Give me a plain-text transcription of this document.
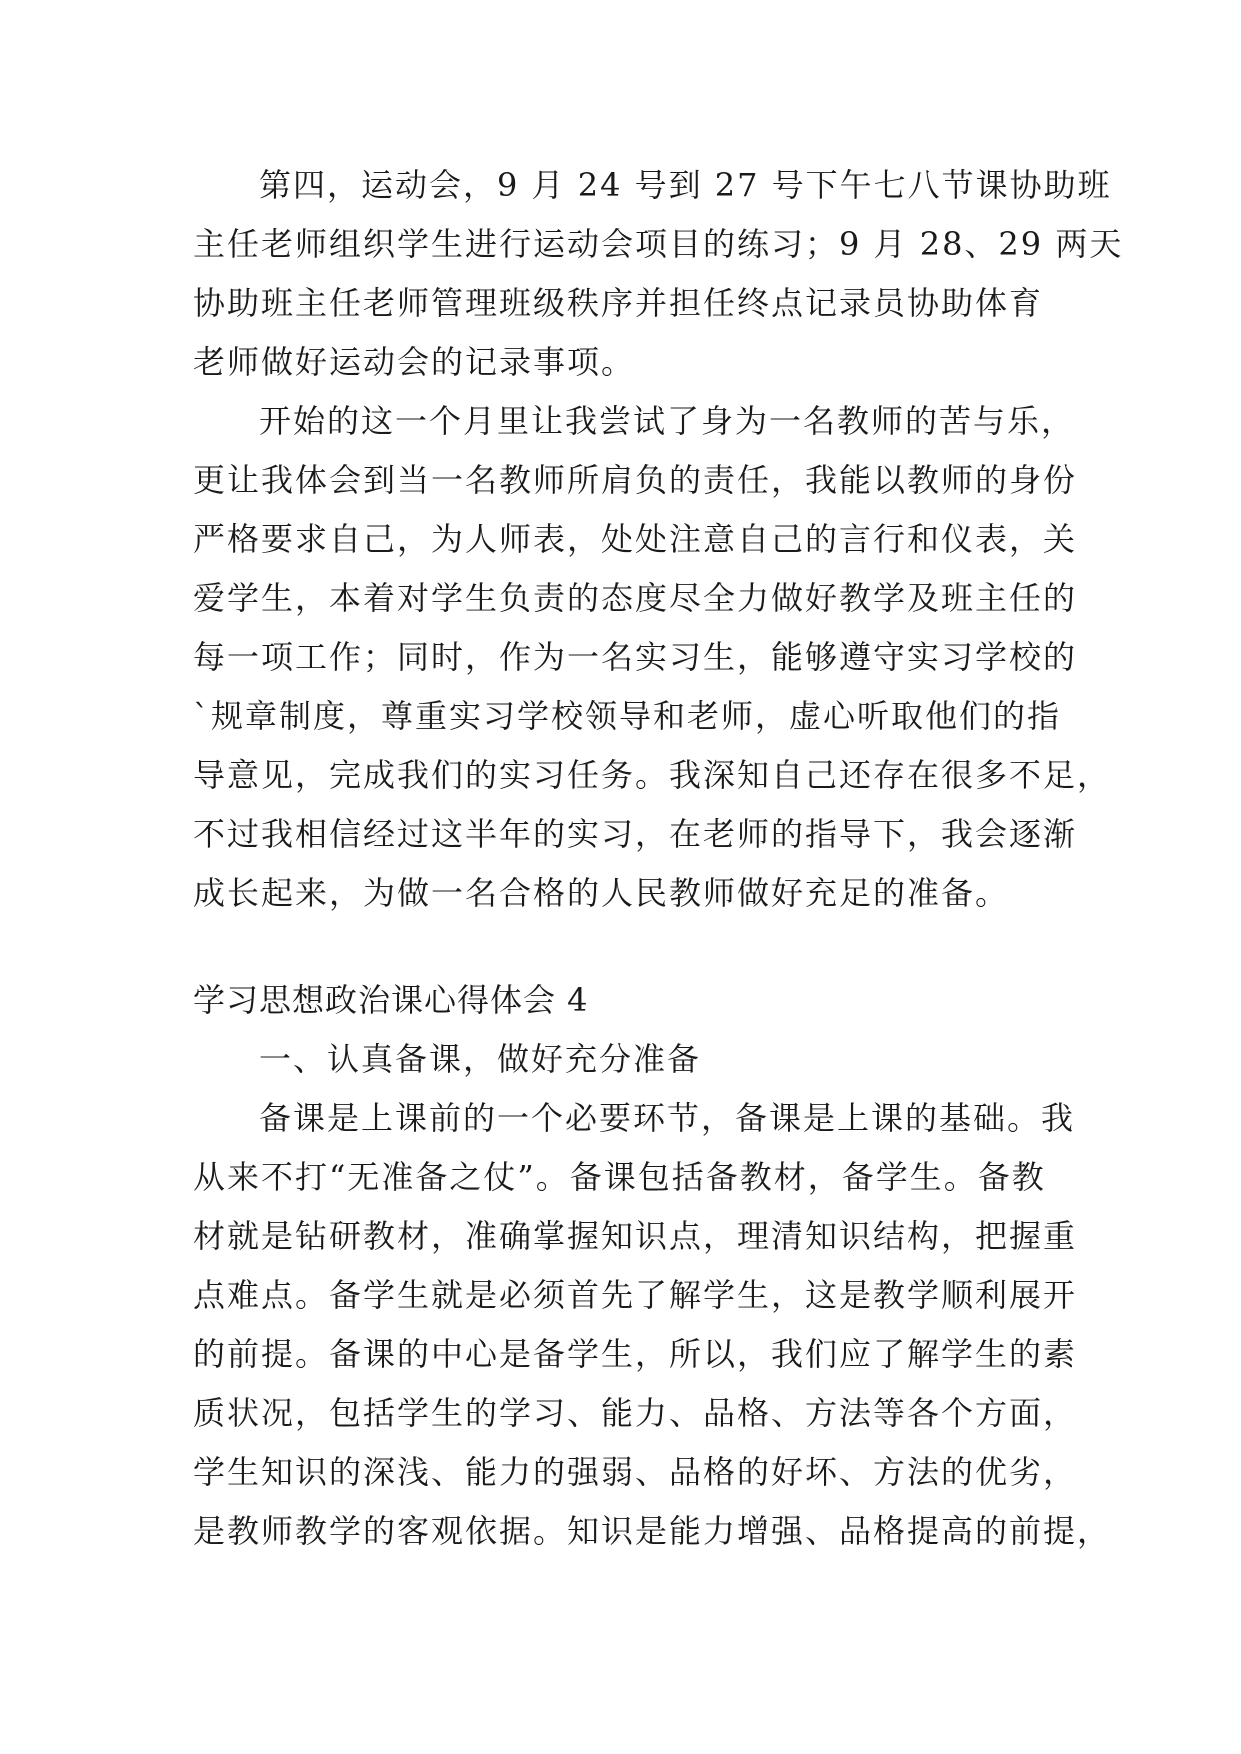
第四，运动会，9 月 24 号到 27 号下午七八节课协助班
主任老师组织学生进行运动会项目的练习；9 月 28、29 两天
协助班主任老师管理班级秩序并担任终点记录员协助体育
老师做好运动会的记录事项。
开始的这一个月里让我尝试了身为一名教师的苦与乐，
更让我体会到当一名教师所肩负的责任，我能以教师的身份
严格要求自己，为人师表，处处注意自己的言行和仪表，关
爱学生，本着对学生负责的态度尽全力做好教学及班主任的
每一项工作；同时，作为一名实习生，能够遵守实习学校的
`规章制度，尊重实习学校领导和老师，虚心听取他们的指
导意见，完成我们的实习任务。我深知自己还存在很多不足，
不过我相信经过这半年的实习，在老师的指导下，我会逐渐
成长起来，为做一名合格的人民教师做好充足的准备。
学习思想政治课心得体会 4
一、认真备课，做好充分准备
备课是上课前的一个必要环节，备课是上课的基础。我
从来不打“无准备之仗”。备课包括备教材，备学生。备教
材就是钻研教材，准确掌握知识点，理清知识结构，把握重
点难点。备学生就是必须首先了解学生，这是教学顺利展开
的前提。备课的中心是备学生，所以，我们应了解学生的素
质状况，包括学生的学习、能力、品格、方法等各个方面，
学生知识的深浅、能力的强弱、品格的好坏、方法的优劣，
是教师教学的客观依据。知识是能力增强、品格提高的前提，
